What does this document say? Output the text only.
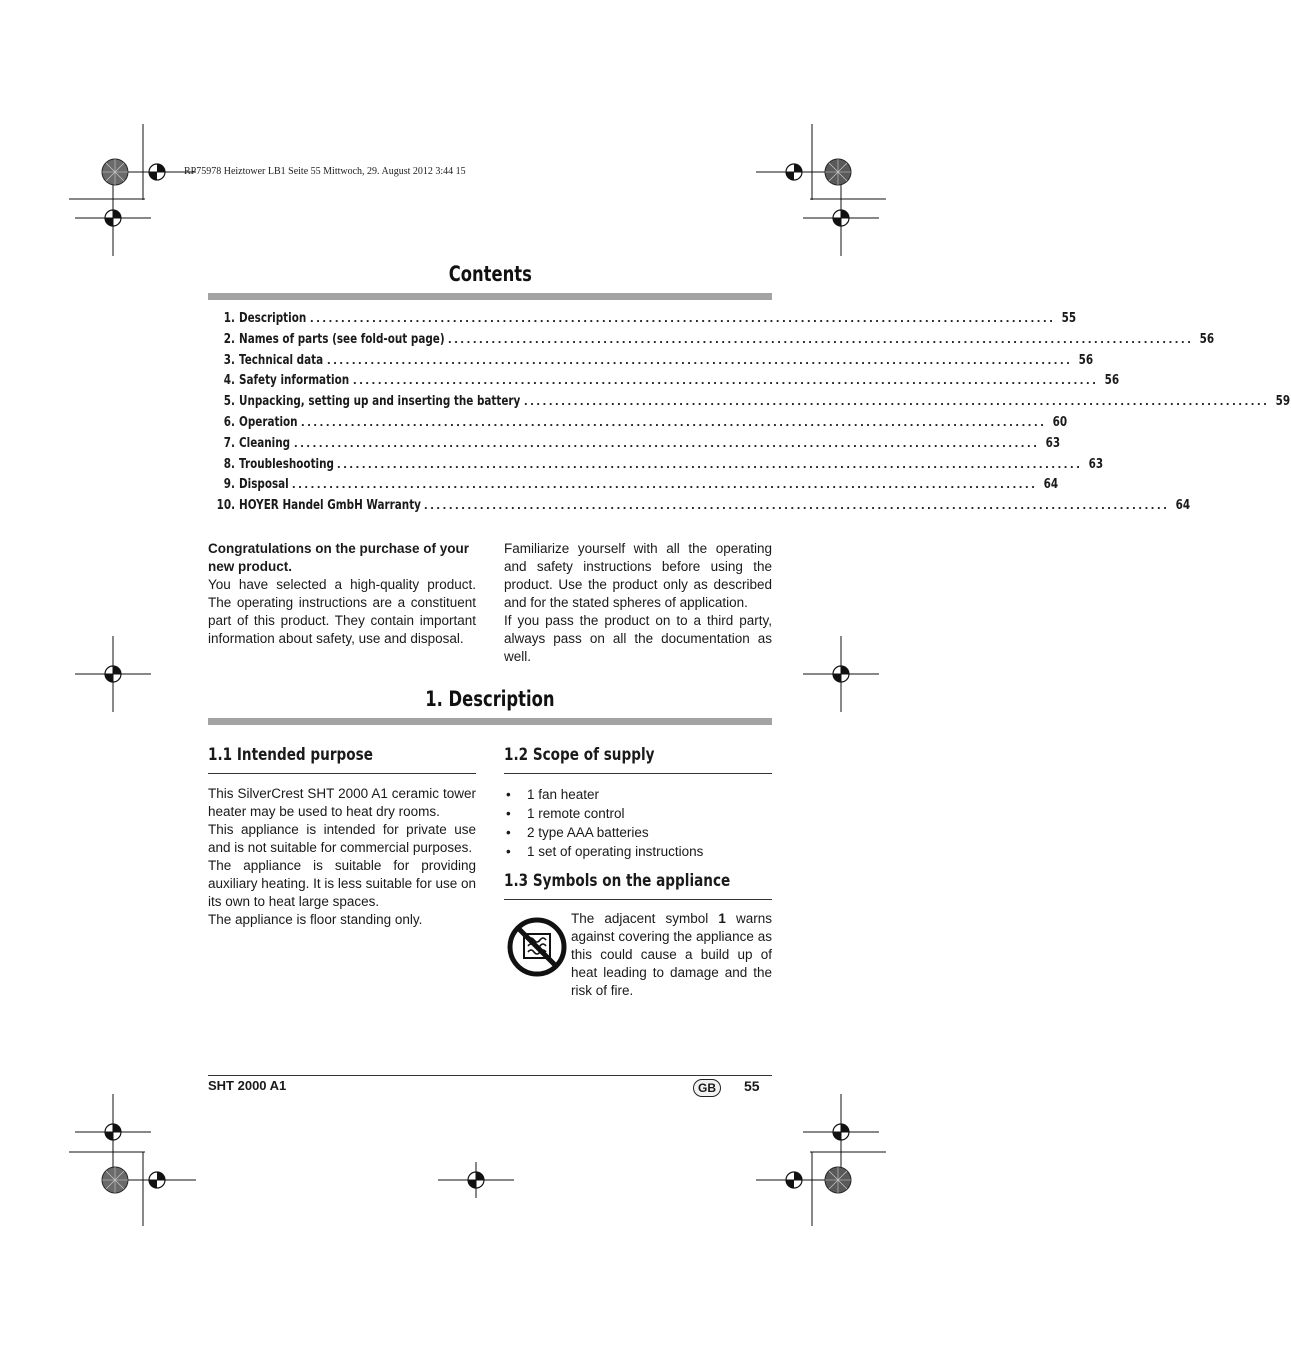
RP75978 Heiztower LB1 Seite 55 Mittwoch, 29. August 2012 3:44 15
Contents
1. Description ........................................................................................................................ 55
2. Names of parts (see fold-out page) ........................................................................................................................ 56
3. Technical data ........................................................................................................................ 56
4. Safety information ........................................................................................................................ 56
5. Unpacking, setting up and inserting the battery ........................................................................................................................ 59
6. Operation ........................................................................................................................ 60
7. Cleaning ........................................................................................................................ 63
8. Troubleshooting ........................................................................................................................ 63
9. Disposal ........................................................................................................................ 64
10. HOYER Handel GmbH Warranty ........................................................................................................................ 64

Congratulations on the purchase of your new product.

You have selected a high-quality product. The operating instructions are a constituent part of this product. They contain important information about safety, use and disposal.

Familiarize yourself with all the operating and safety instructions before using the product. Use the product only as described and for the stated spheres of application.

If you pass the product on to a third party, always pass on all the documentation as well.

1. Description
1.1 Intended purpose

This SilverCrest SHT 2000 A1 ceramic tower heater may be used to heat dry rooms.

This appliance is intended for private use and is not suitable for commercial purposes.

The appliance is suitable for providing auxiliary heating. It is less suitable for use on its own to heat large spaces.

The appliance is floor standing only.

1.2 Scope of supply
• 1 fan heater
• 1 remote control
• 2 type AAA batteries
• 1 set of operating instructions
1.3 Symbols on the appliance

The adjacent symbol 1 warns against covering the appliance as this could cause a build up of heat leading to damage and the risk of fire.

SHT 2000 A1	GB	55
